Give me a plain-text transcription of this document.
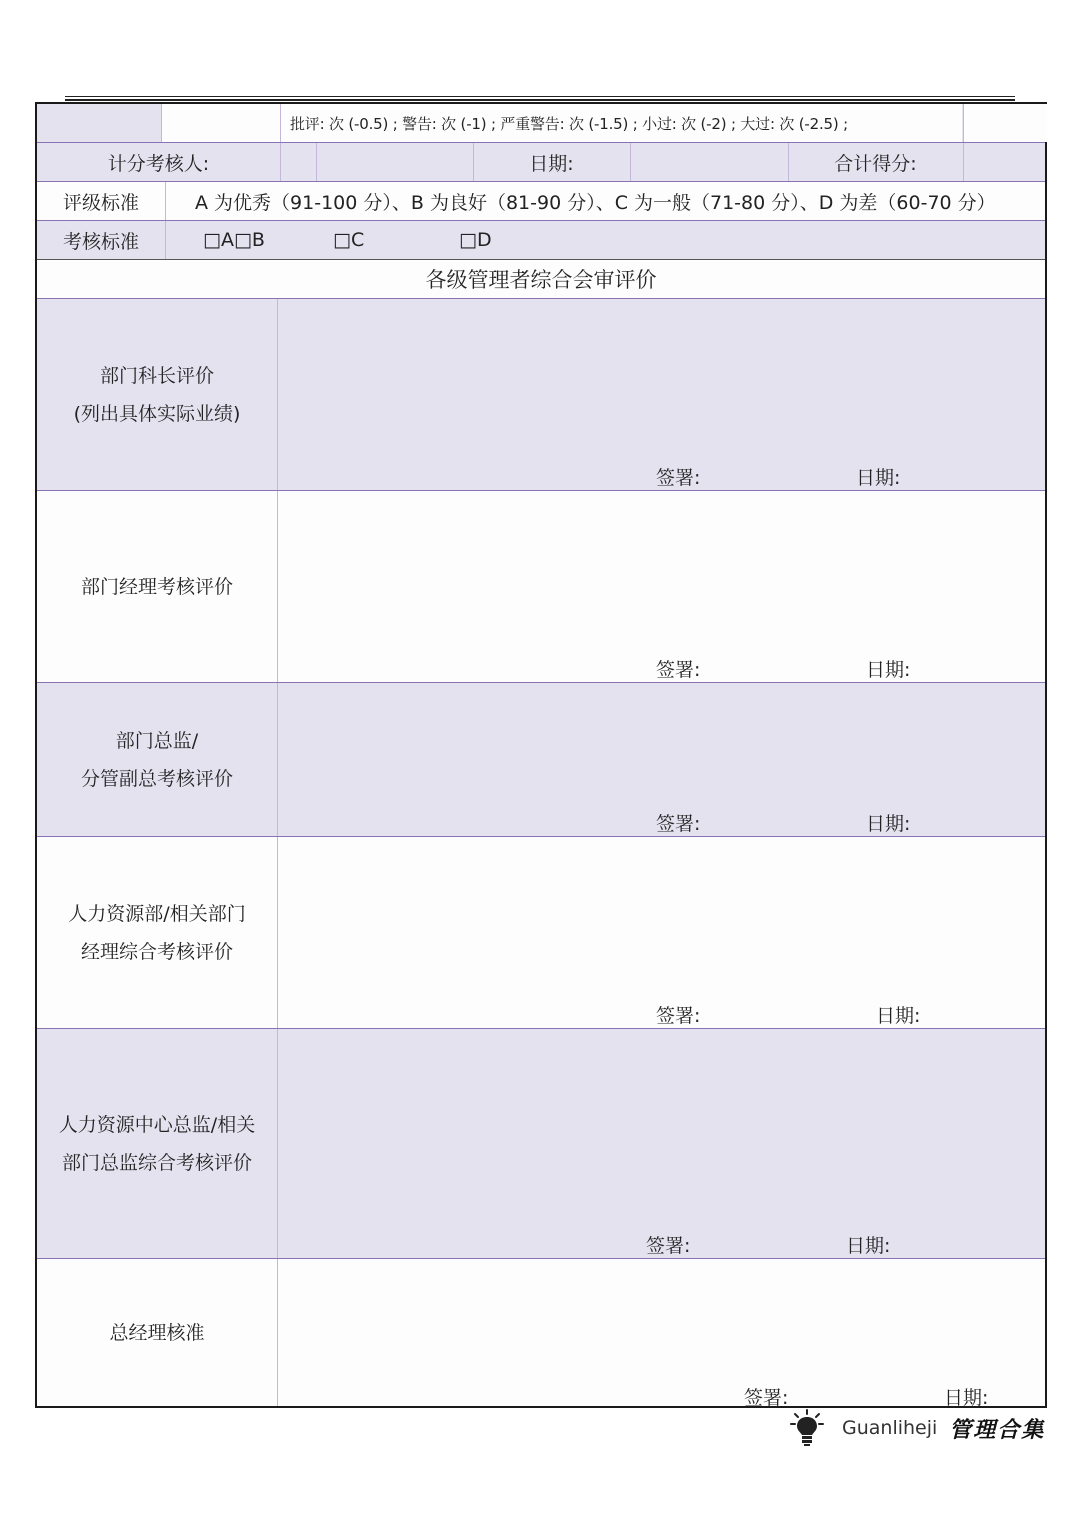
批评: 次 (-0.5) ; 警告: 次 (-1) ; 严重警告: 次 (-1.5) ; 小过: 次 (-2) ; 大过: 次 (-2.5) ;
计分考核人:	日期:	合计得分:
评级标准	A 为优秀（91-100 分）、B 为良好（81-90 分）、C 为一般（71-80 分）、D 为差（60-70 分）
考核标准	□A□B	□C	□D
各级管理者综合会审评价
部门科长评价
(列出具体实际业绩)
签署:	日期:
部门经理考核评价
签署:	日期:
部门总监/
分管副总考核评价
签署:	日期:
人力资源部/相关部门
经理综合考核评价
签署:	日期:
人力资源中心总监/相关
部门总监综合考核评价
签署:	日期:
总经理核准
签署:	日期:
Guanliheji 管理合集
